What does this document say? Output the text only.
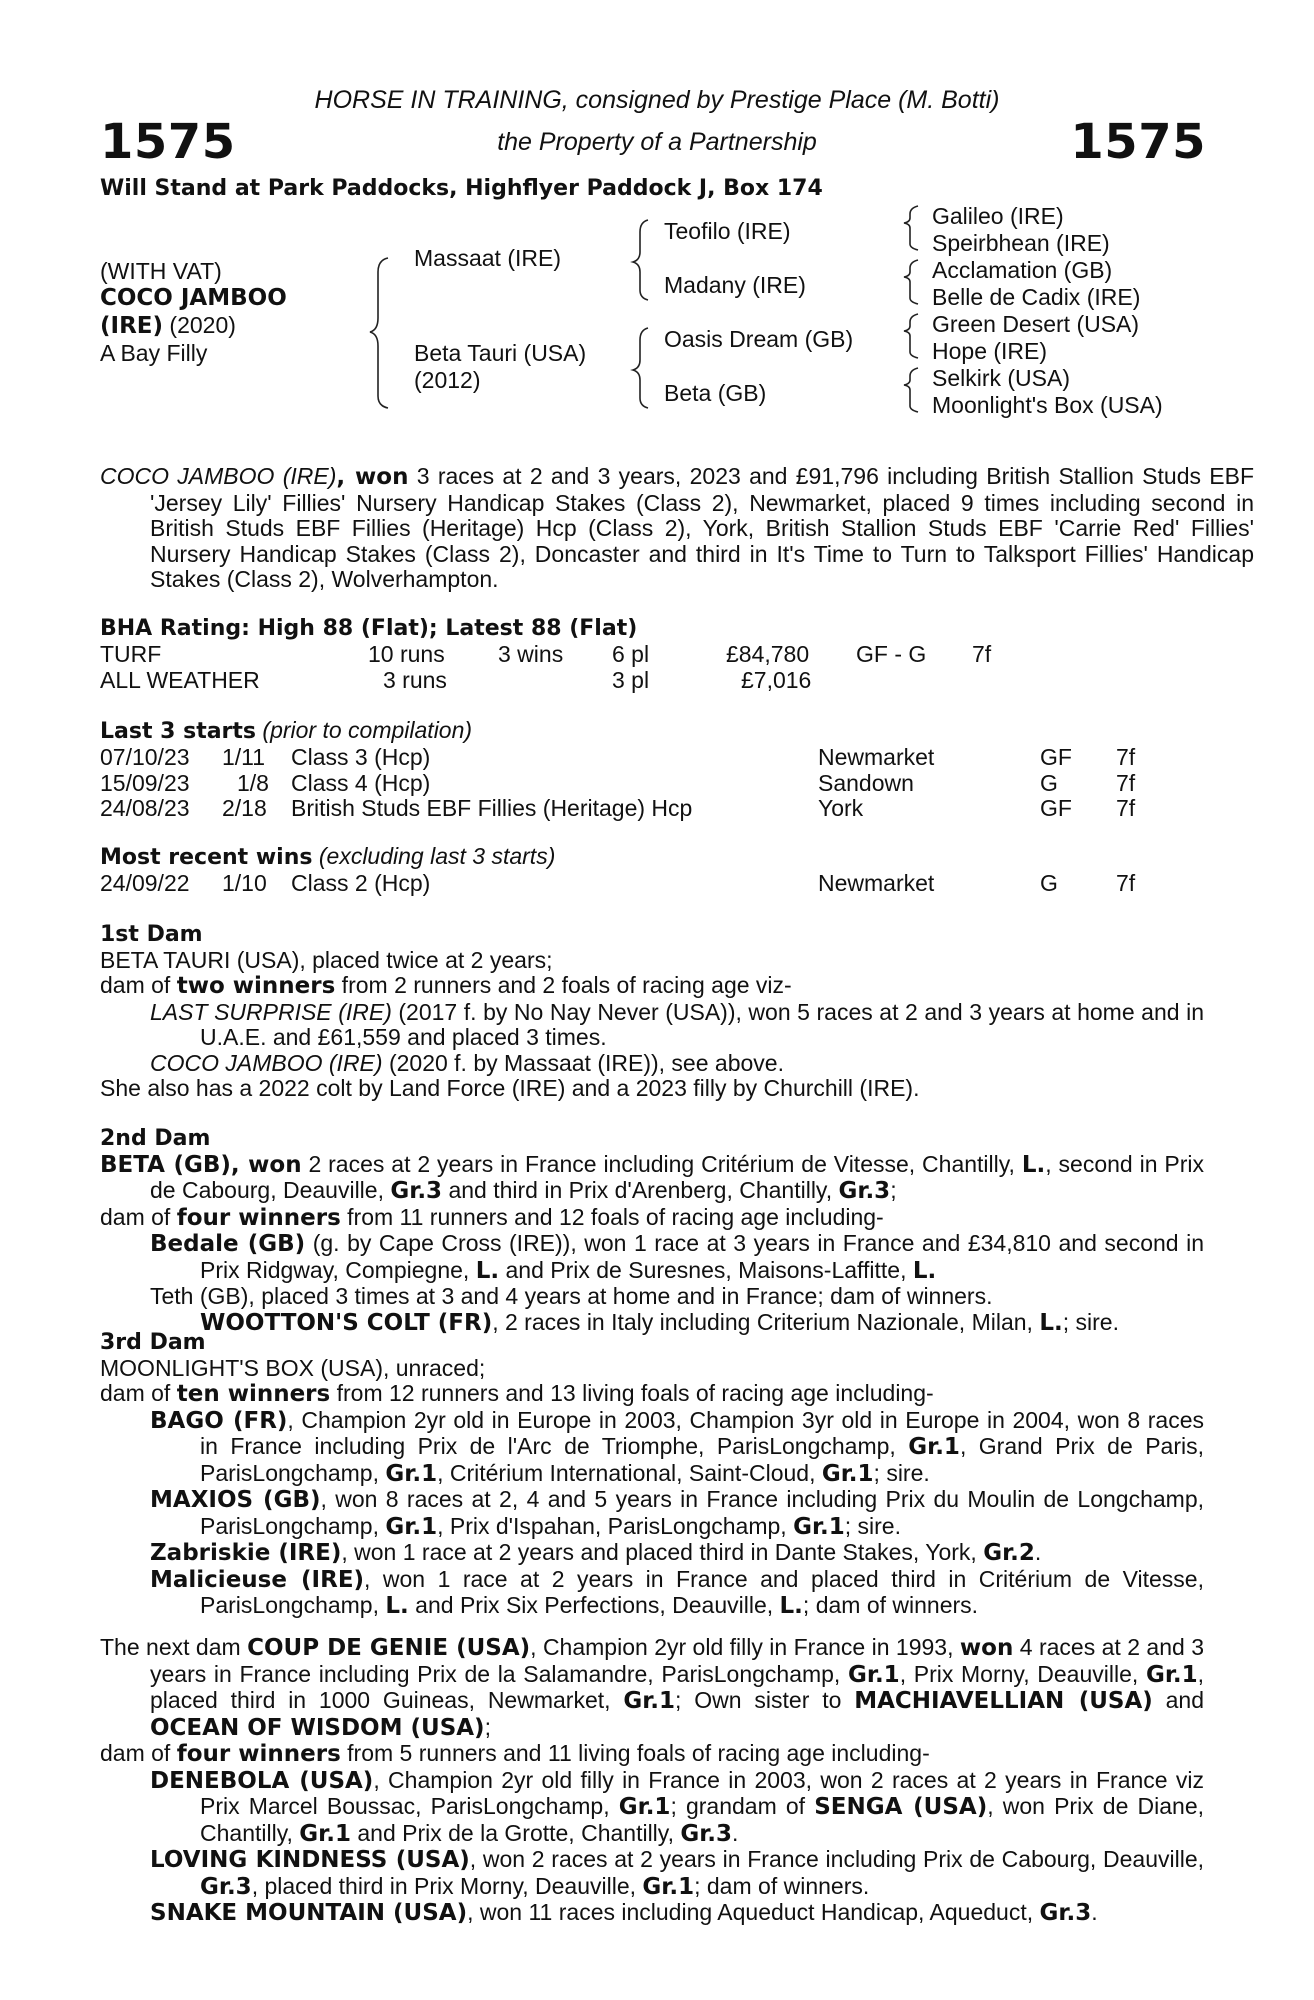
1575	1575
HORSE IN TRAINING, consigned by Prestige Place (M. Botti)
the Property of a Partnership
Will Stand at Park Paddocks, Highflyer Paddock J, Box 174
(WITH VAT)
COCO JAMBOO
(IRE) (2020)
A Bay Filly
Massaat (IRE)
Beta Tauri (USA)
(2012)
Teofilo (IRE)
Madany (IRE)
Oasis Dream (GB)
Beta (GB)
Galileo (IRE)
Speirbhean (IRE)
Acclamation (GB)
Belle de Cadix (IRE)
Green Desert (USA)
Hope (IRE)
Selkirk (USA)
Moonlight's Box (USA)
COCO JAMBOO (IRE), won 3 races at 2 and 3 years, 2023 and £91,796 including British Stallion Studs EBF 'Jersey Lily' Fillies' Nursery Handicap Stakes (Class 2), Newmarket, placed 9 times including second in British Studs EBF Fillies (Heritage) Hcp (Class 2), York, British Stallion Studs EBF 'Carrie Red' Fillies' Nursery Handicap Stakes (Class 2), Doncaster and third in It's Time to Turn to Talksport Fillies' Handicap Stakes (Class 2), Wolverhampton.
BHA Rating: High 88 (Flat); Latest 88 (Flat)
TURF	10 runs 3 wins 6 pl	£84,780 GF - G 7f
ALL WEATHER	3 runs	3 pl	£7,016
Last 3 starts (prior to compilation)
07/10/23 1/11 Class 3 (Hcp)	Newmarket	GF 7f
15/09/23 1/8 Class 4 (Hcp)	Sandown	G	7f
24/08/23 2/18 British Studs EBF Fillies (Heritage) Hcp	York	GF 7f
Most recent wins (excluding last 3 starts)
24/09/22 1/10 Class 2 (Hcp)	Newmarket	G	7f
1st Dam

BETA TAURI (USA), placed twice at 2 years;

dam of two winners from 2 runners and 2 foals of racing age viz-

LAST SURPRISE (IRE) (2017 f. by No Nay Never (USA)), won 5 races at 2 and 3 years at home and in U.A.E. and £61,559 and placed 3 times.

COCO JAMBOO (IRE) (2020 f. by Massaat (IRE)), see above.

She also has a 2022 colt by Land Force (IRE) and a 2023 filly by Churchill (IRE).

2nd Dam

BETA (GB), won 2 races at 2 years in France including Critérium de Vitesse, Chantilly, L., second in Prix de Cabourg, Deauville, Gr.3 and third in Prix d'Arenberg, Chantilly, Gr.3;

dam of four winners from 11 runners and 12 foals of racing age including-

Bedale (GB) (g. by Cape Cross (IRE)), won 1 race at 3 years in France and £34,810 and second in Prix Ridgway, Compiegne, L. and Prix de Suresnes, Maisons-Laffitte, L.

Teth (GB), placed 3 times at 3 and 4 years at home and in France; dam of winners.

WOOTTON'S COLT (FR), 2 races in Italy including Criterium Nazionale, Milan, L.; sire.

3rd Dam

MOONLIGHT'S BOX (USA), unraced;

dam of ten winners from 12 runners and 13 living foals of racing age including-

BAGO (FR), Champion 2yr old in Europe in 2003, Champion 3yr old in Europe in 2004, won 8 races in France including Prix de l'Arc de Triomphe, ParisLongchamp, Gr.1, Grand Prix de Paris, ParisLongchamp, Gr.1, Critérium International, Saint-Cloud, Gr.1; sire.

MAXIOS (GB), won 8 races at 2, 4 and 5 years in France including Prix du Moulin de Longchamp, ParisLongchamp, Gr.1, Prix d'Ispahan, ParisLongchamp, Gr.1; sire.

Zabriskie (IRE), won 1 race at 2 years and placed third in Dante Stakes, York, Gr.2.

Malicieuse (IRE), won 1 race at 2 years in France and placed third in Critérium de Vitesse, ParisLongchamp, L. and Prix Six Perfections, Deauville, L.; dam of winners.

The next dam COUP DE GENIE (USA), Champion 2yr old filly in France in 1993, won 4 races at 2 and 3 years in France including Prix de la Salamandre, ParisLongchamp, Gr.1, Prix Morny, Deauville, Gr.1, placed third in 1000 Guineas, Newmarket, Gr.1; Own sister to MACHIAVELLIAN (USA) and OCEAN OF WISDOM (USA);

dam of four winners from 5 runners and 11 living foals of racing age including-

DENEBOLA (USA), Champion 2yr old filly in France in 2003, won 2 races at 2 years in France viz Prix Marcel Boussac, ParisLongchamp, Gr.1; grandam of SENGA (USA), won Prix de Diane, Chantilly, Gr.1 and Prix de la Grotte, Chantilly, Gr.3.

LOVING KINDNESS (USA), won 2 races at 2 years in France including Prix de Cabourg, Deauville, Gr.3, placed third in Prix Morny, Deauville, Gr.1; dam of winners.

SNAKE MOUNTAIN (USA), won 11 races including Aqueduct Handicap, Aqueduct, Gr.3.
